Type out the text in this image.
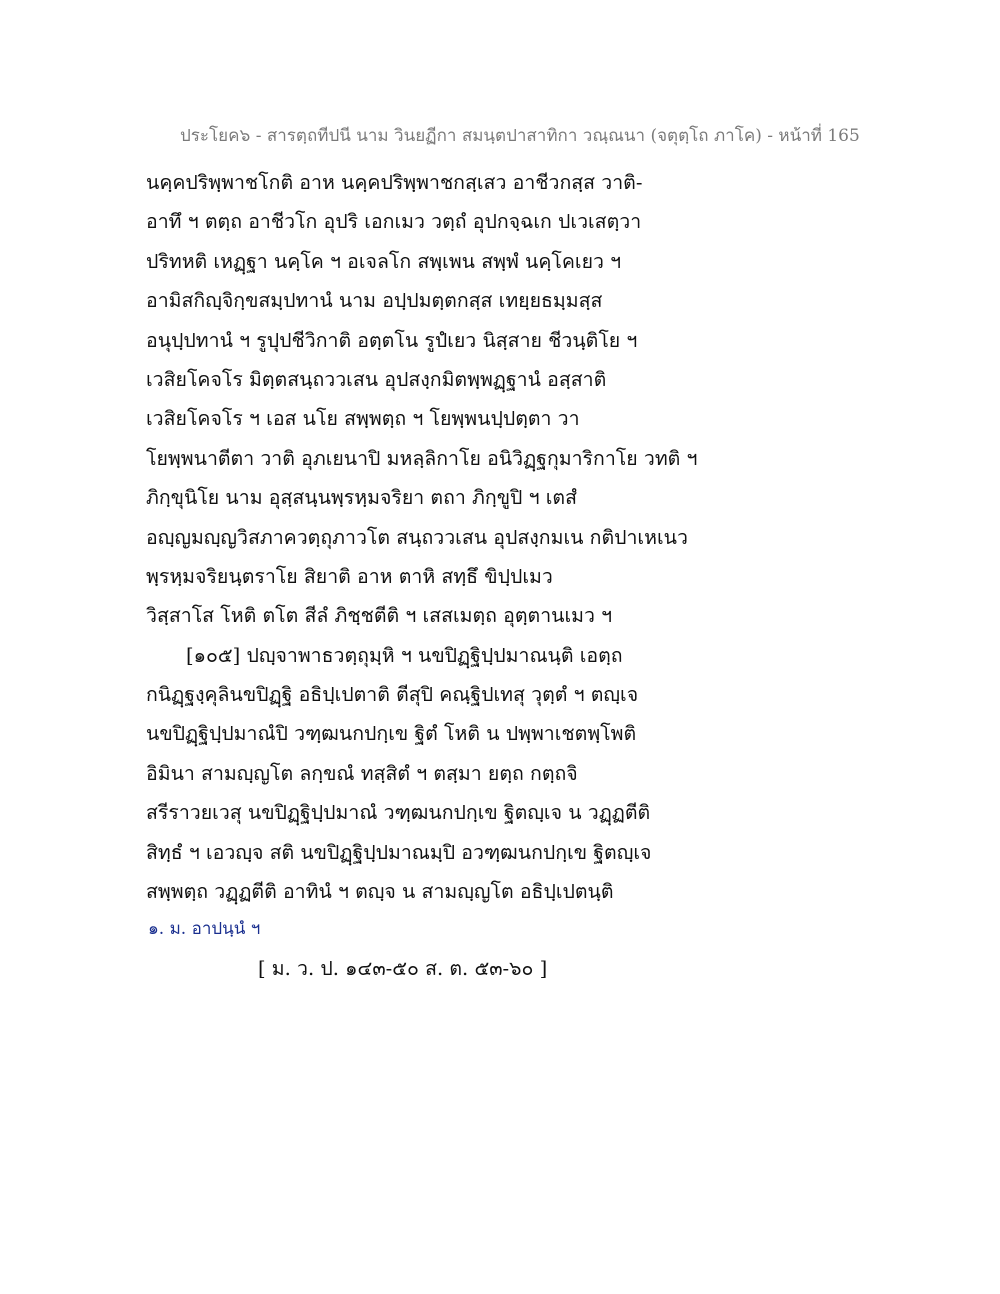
ประโยค๖ - สารตฺถทีปนี นาม วินยฏีกา สมนฺตปาสาทิกา วณฺณนา (จตุตฺโถ ภาโค) - หน้าที่ 165
นคฺคปริพฺพาชโกติ อาห นคฺคปริพฺพาชกสฺเสว อาชีวกสฺส วาติ-
อาทึ ฯ ตตฺถ อาชีวโก อุปริ เอกเมว วตฺถํ อุปกจฺฉเก ปเวเสตฺวา
ปริทหติ เหฏฺฐา นคฺโค ฯ อเจลโก สพฺเพน สพฺพํ นคฺโคเยว ฯ
อามิสกิญฺจิกฺขสมฺปทานํ นาม อปฺปมตฺตกสฺส เทยฺยธมฺมสฺส
อนุปฺปทานํ ฯ รูปุปชีวิกาติ อตฺตโน รูปํเยว นิสฺสาย ชีวนฺติโย ฯ
เวสิยโคจโร มิตฺตสนฺถววเสน อุปสงฺกมิตพฺพฏฺฐานํ อสฺสาติ
เวสิยโคจโร ฯ เอส นโย สพฺพตฺถ ฯ โยพฺพนปฺปตฺตา วา
โยพฺพนาตีตา วาติ อุภเยนาปิ มหลฺลิกาโย อนิวิฏฺฐกุมาริกาโย วทติ ฯ
ภิกฺขุนิโย นาม อุสฺสนฺนพฺรหฺมจริยา ตถา ภิกฺขูปิ ฯ เตสํ
อญฺญมญฺญวิสภาควตฺถุภาวโต สนฺถววเสน อุปสงฺกมเน กติปาเหเนว
พฺรหฺมจริยนฺตราโย สิยาติ อาห ตาหิ สทฺธึ ขิปฺปเมว
วิสฺสาโส โหติ ตโต สีลํ ภิชฺชตีติ ฯ เสสเมตฺถ อุตฺตานเมว ฯ
[๑๐๕] ปญฺจาพาธวตฺถุมฺหิ ฯ นขปิฏฺฐิปฺปมาณนฺติ เอตฺถ
กนิฏฺฐงฺคุลินขปิฏฺฐิ อธิปฺเปตาติ ตีสุปิ คณฺฐิปเทสุ วุตฺตํ ฯ ตญฺเจ
นขปิฏฺฐิปฺปมาณํปิ วฑฺฒนกปกฺเข ฐิตํ โหติ น ปพฺพาเชตพฺโพติ
อิมินา สามญฺญโต ลกฺขณํ ทสฺสิตํ ฯ ตสฺมา ยตฺถ กตฺถจิ
สรีราวยเวสุ นขปิฏฺฐิปฺปมาณํ วฑฺฒนกปกฺเข ฐิตญฺเจ น วฏฺฏตีติ
สิทฺธํ ฯ เอวญฺจ สติ นขปิฏฺฐิปฺปมาณมฺปิ อวฑฺฒนกปกฺเข ฐิตญฺเจ
สพฺพตฺถ วฏฺฏตีติ อาทินํ ฯ ตญฺจ น สามญฺญโต อธิปฺเปตนฺติ
๑. ม. อาปนฺนํ ฯ
[ ม. ว. ป. ๑๔๓-๕๐ ส. ต. ๕๓-๖๐ ]
